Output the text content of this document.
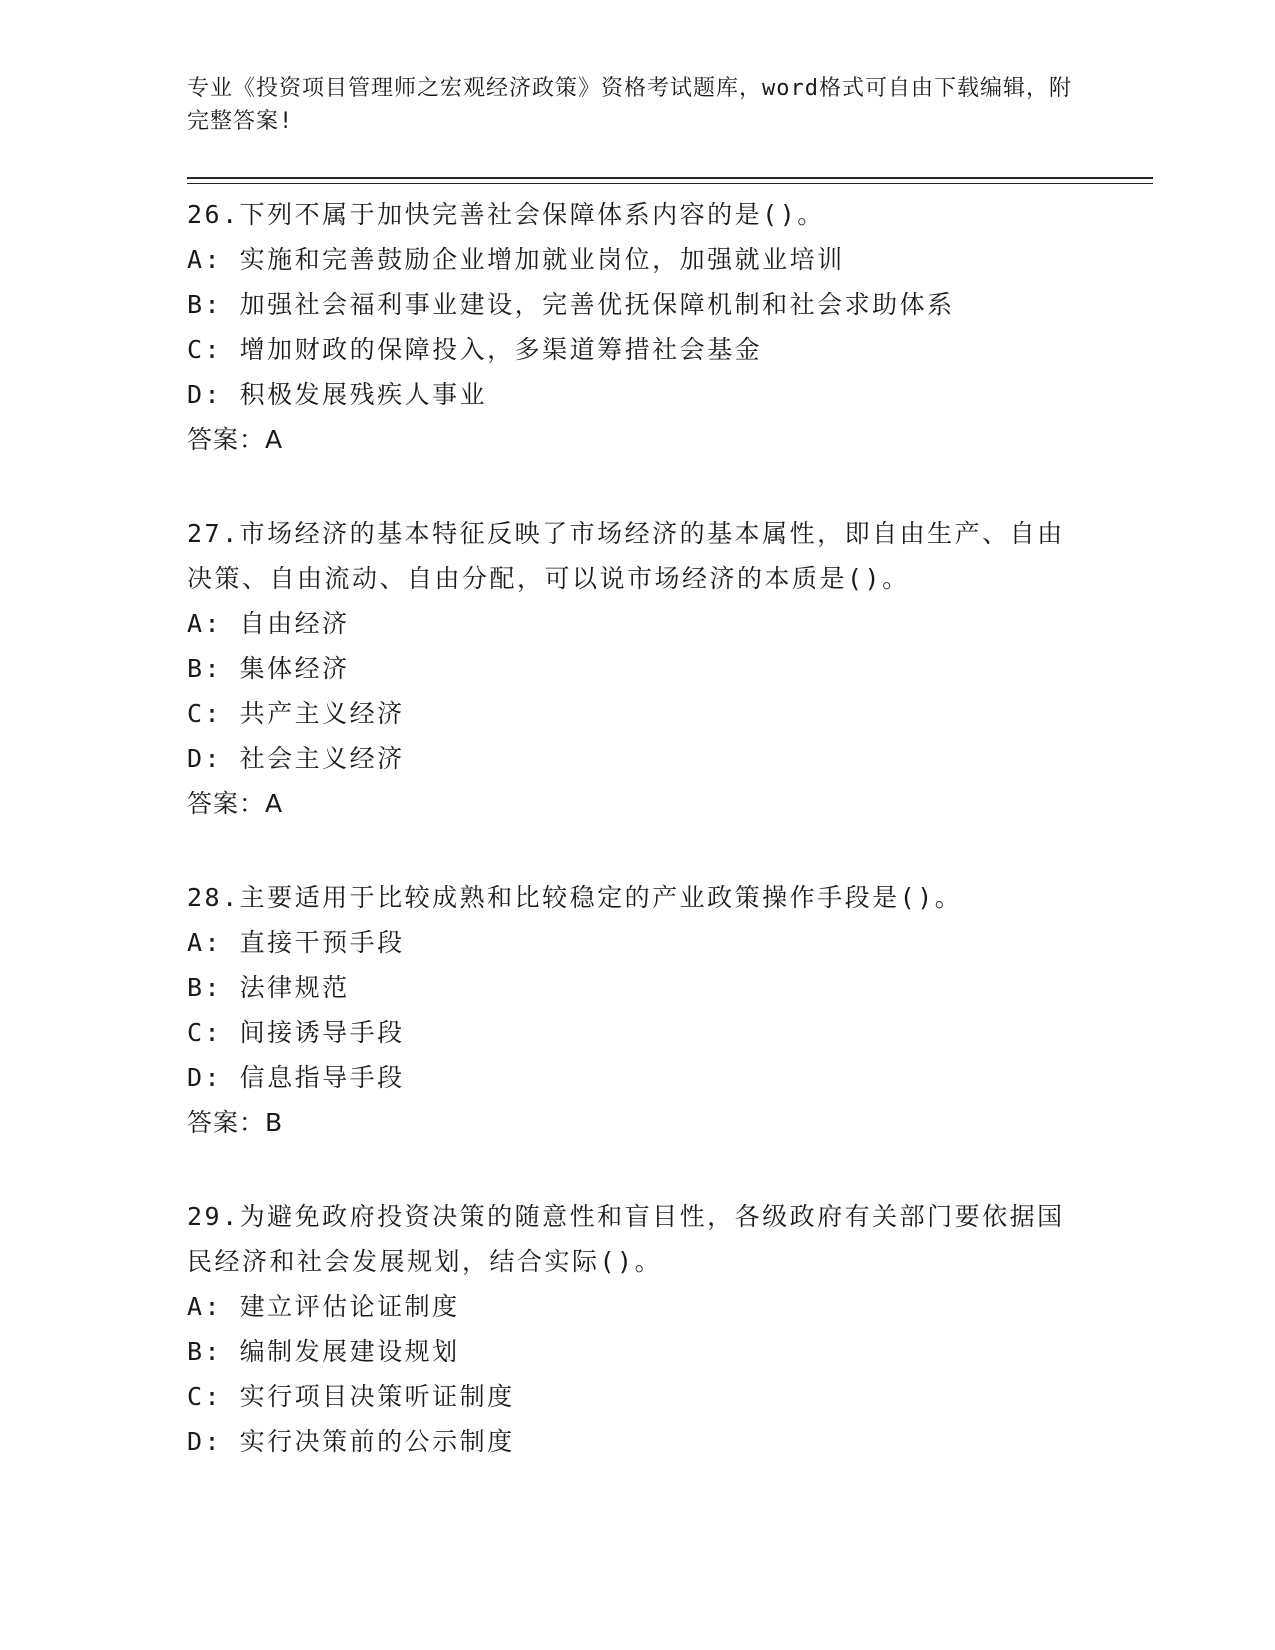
专业《投资项目管理师之宏观经济政策》资格考试题库，word格式可自由下载编辑，附完整答案!

26.下列不属于加快完善社会保障体系内容的是()。

A: 实施和完善鼓励企业增加就业岗位，加强就业培训

B: 加强社会福利事业建设，完善优抚保障机制和社会求助体系

C: 增加财政的保障投入，多渠道筹措社会基金

D: 积极发展残疾人事业

答案：A

27.市场经济的基本特征反映了市场经济的基本属性，即自由生产、自由决策、自由流动、自由分配，可以说市场经济的本质是()。

A: 自由经济

B: 集体经济

C: 共产主义经济

D: 社会主义经济

答案：A

28.主要适用于比较成熟和比较稳定的产业政策操作手段是()。

A: 直接干预手段

B: 法律规范

C: 间接诱导手段

D: 信息指导手段

答案：B

29.为避免政府投资决策的随意性和盲目性，各级政府有关部门要依据国民经济和社会发展规划，结合实际()。

A: 建立评估论证制度

B: 编制发展建设规划

C: 实行项目决策听证制度

D: 实行决策前的公示制度
